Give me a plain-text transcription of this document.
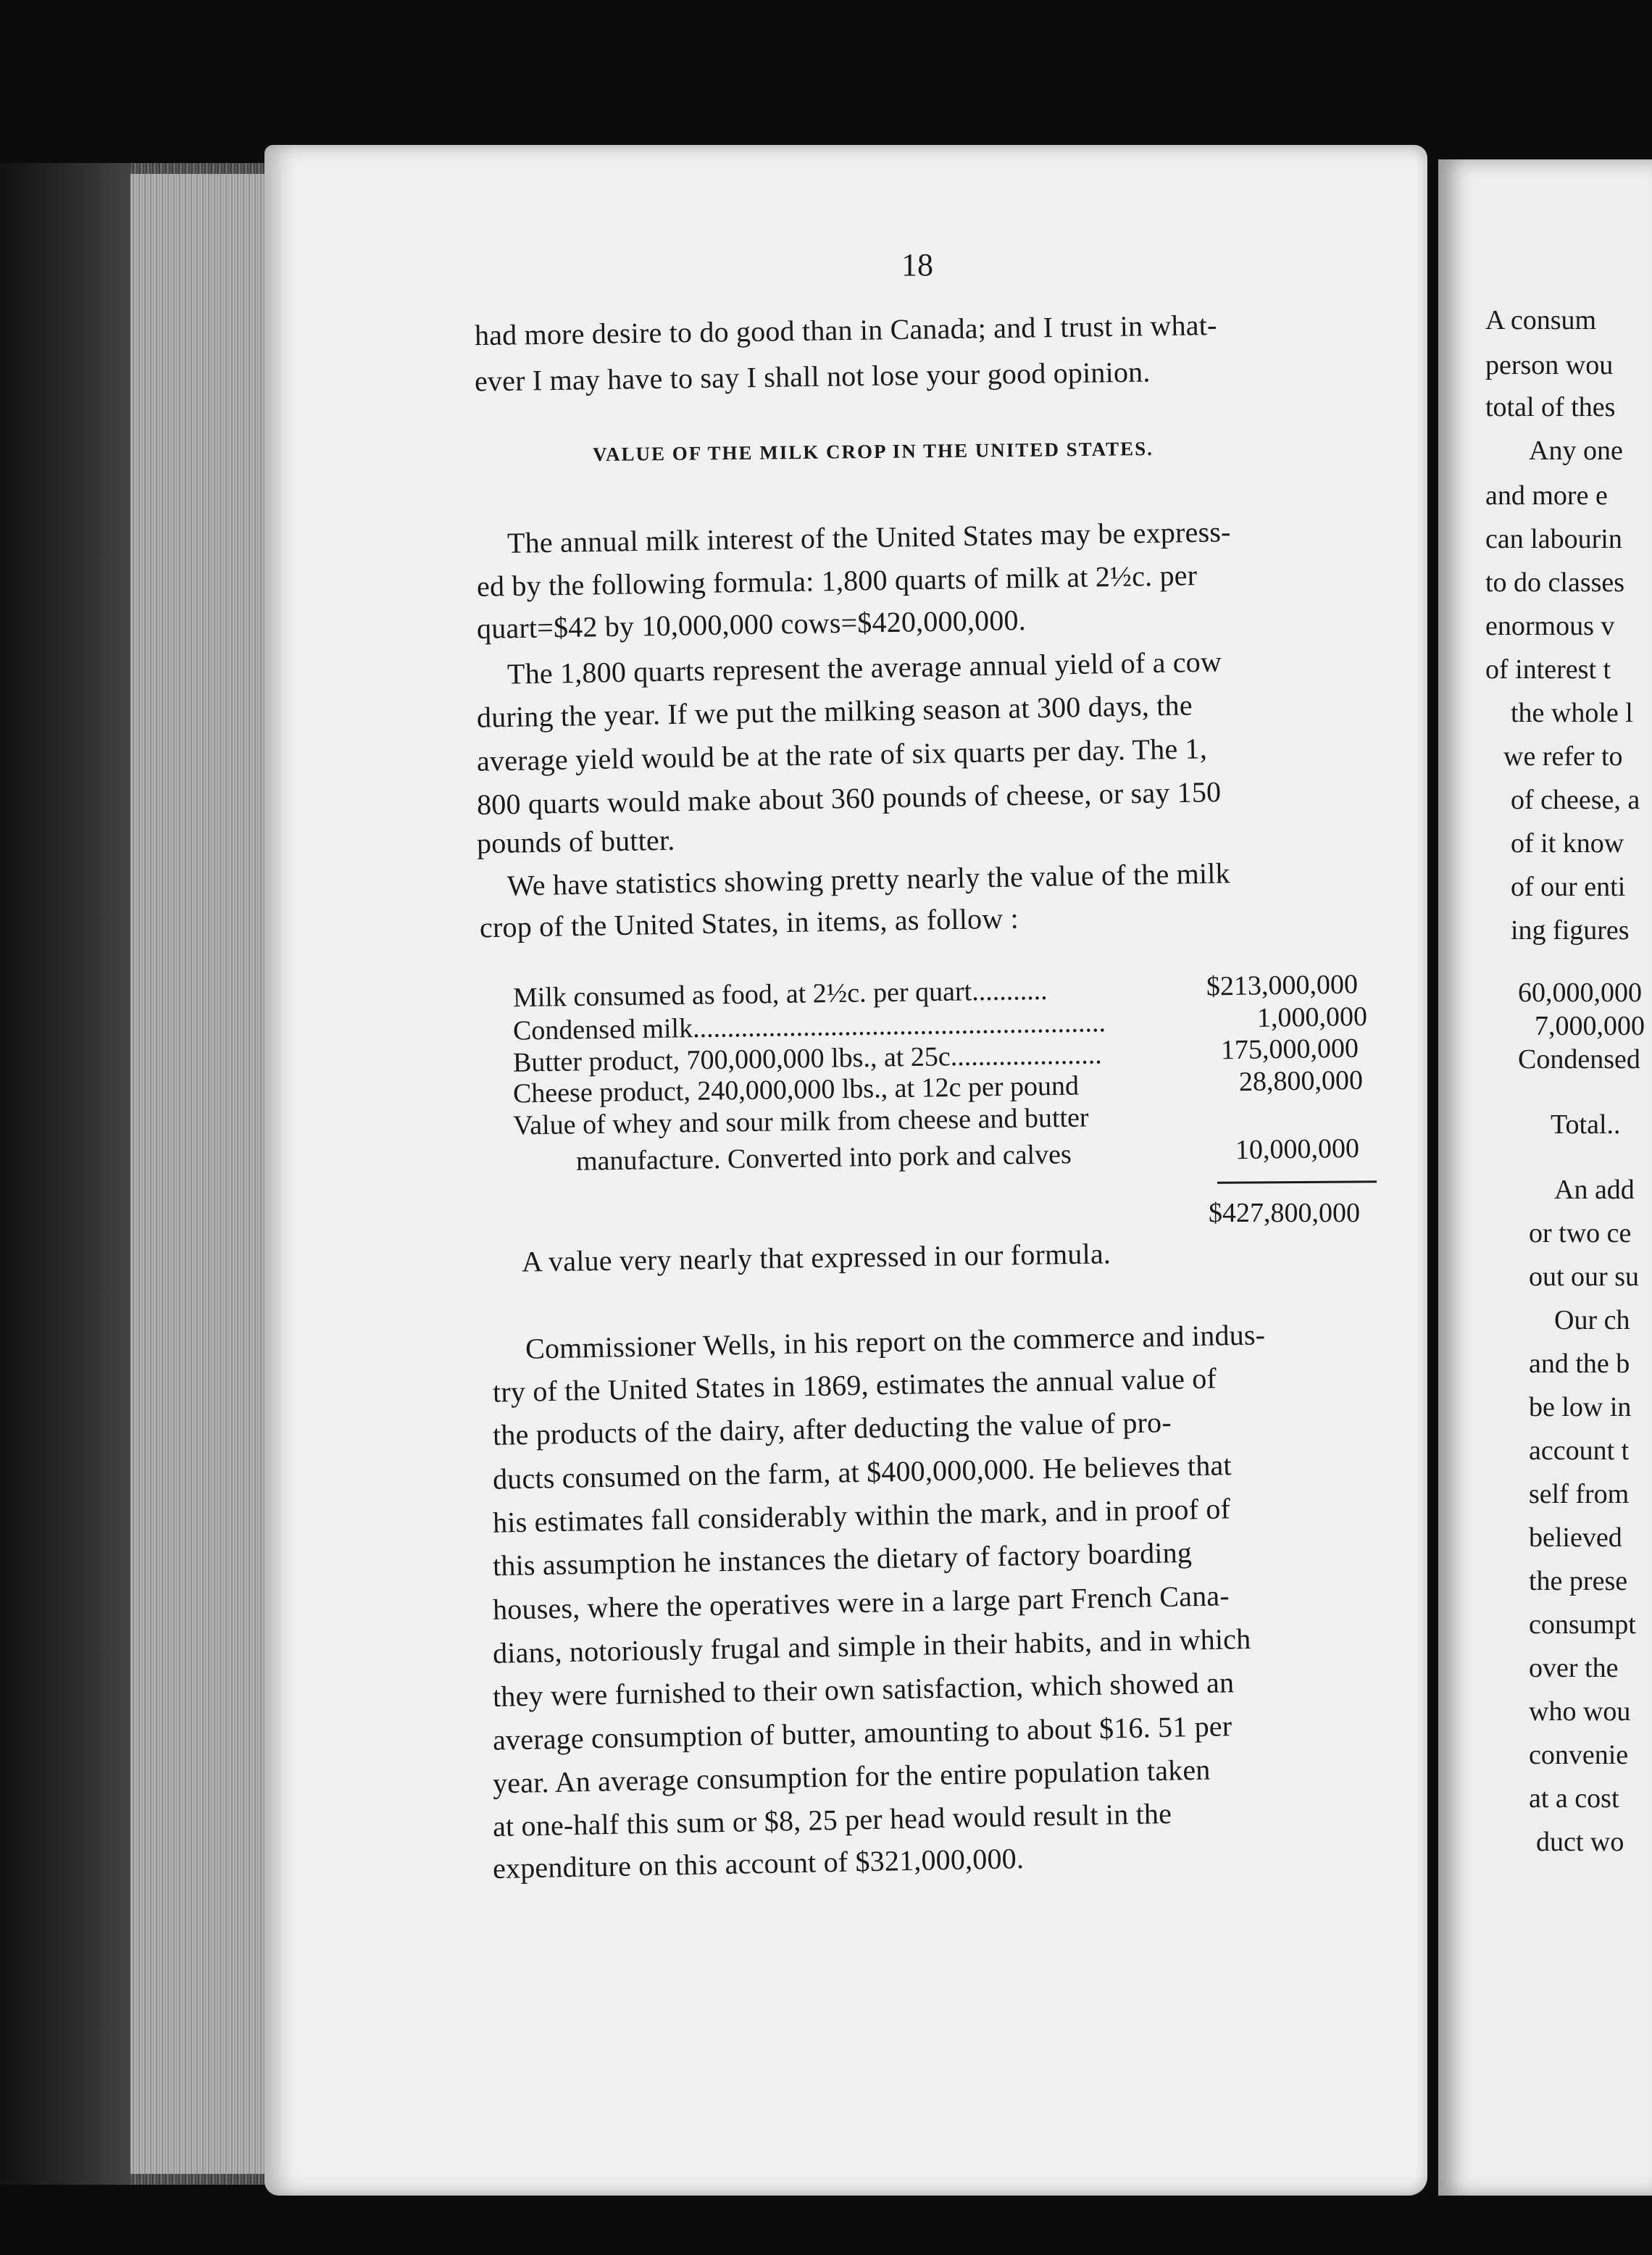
18
had more desire to do good than in Canada; and I trust in what-
ever I may have to say I shall not lose your good opinion.
VALUE OF THE MILK CROP IN THE UNITED STATES.
The annual milk interest of the United States may be express-
ed by the following formula: 1,800 quarts of milk at 2½c. per
quart=$42 by 10,000,000 cows=$420,000,000.
The 1,800 quarts represent the average annual yield of a cow
during the year. If we put the milking season at 300 days, the
average yield would be at the rate of six quarts per day. The 1,
800 quarts would make about 360 pounds of cheese, or say 150
pounds of butter.
We have statistics showing pretty nearly the value of the milk
crop of the United States, in items, as follow :
Milk consumed as food, at 2½c. per quart...........	$213,000,000
Condensed milk............................................................	1,000,000
Butter product, 700,000,000 lbs., at 25c......................	175,000,000
Cheese product, 240,000,000 lbs., at 12c per pound	28,800,000
Value of whey and sour milk from cheese and butter
manufacture. Converted into pork and calves	10,000,000
$427,800,000
A value very nearly that expressed in our formula.
Commissioner Wells, in his report on the commerce and indus-
try of the United States in 1869, estimates the annual value of
the products of the dairy, after deducting the value of pro-
ducts consumed on the farm, at $400,000,000. He believes that
his estimates fall considerably within the mark, and in proof of
this assumption he instances the dietary of factory boarding
houses, where the operatives were in a large part French Cana-
dians, notoriously frugal and simple in their habits, and in which
they were furnished to their own satisfaction, which showed an
average consumption of butter, amounting to about $16. 51 per
year. An average consumption for the entire population taken
at one-half this sum or $8, 25 per head would result in the
expenditure on this account of $321,000,000.
A consum
person wou
total of thes
Any one
and more e
can labourin
to do classes
enormous v
of interest t
the whole l
we refer to
of cheese, a
of it know
of our enti
ing figures
60,000,000
7,000,000
Condensed
Total..
An add
or two ce
out our su
Our ch
and the b
be low in
account t
self from
believed
the prese
consumpt
over the
who wou
convenie
at a cost
duct wo
